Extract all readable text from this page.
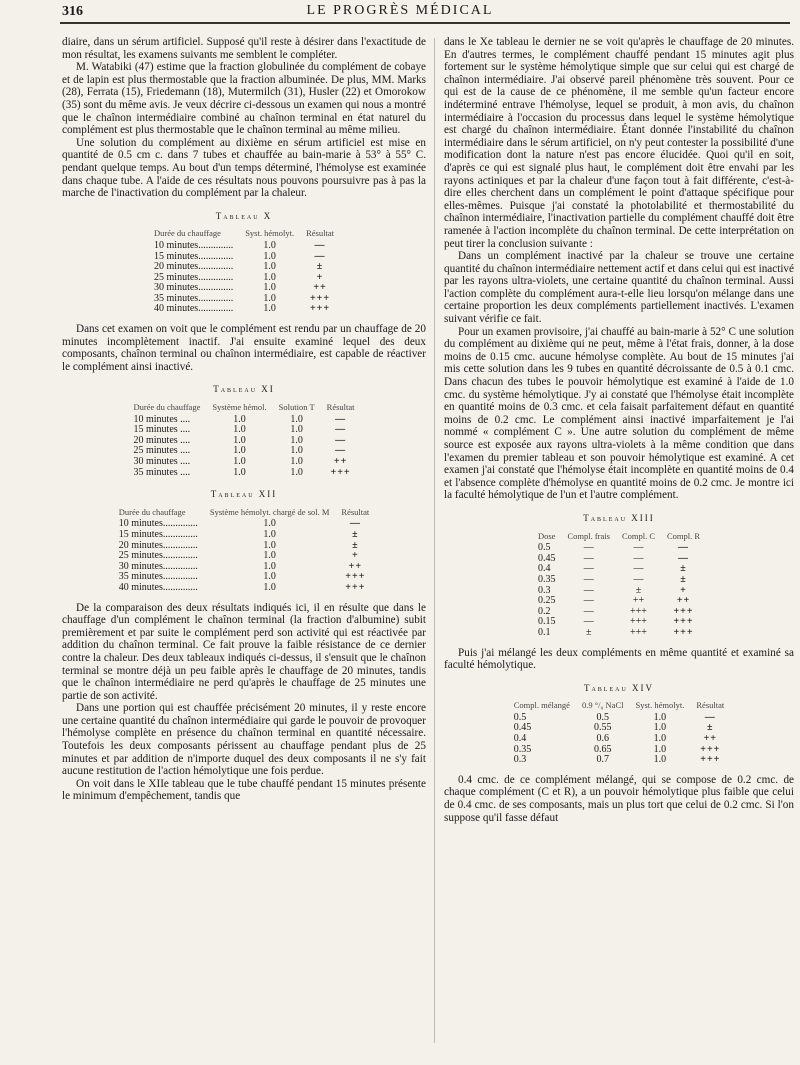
316	LE PROGRÈS MÉDICAL

diaire, dans un sérum artificiel. Supposé qu'il reste à désirer dans l'exactitude de mon résultat, les examens suivants me semblent le compléter.

M. Watabiki (47) estime que la fraction globulinée du complément de cobaye et de lapin est plus thermostable que la fraction albuminée. De plus, MM. Marks (28), Ferrata (15), Friedemann (18), Mutermilch (31), Husler (22) et Omorokow (35) sont du même avis. Je veux décrire ci-dessous un examen qui nous a montré que le chaînon intermédiaire combiné au chaînon terminal en état naturel du complément est plus thermostable que le chaînon terminal au même milieu.

Une solution du complément au dixième en sérum artificiel est mise en quantité de 0.5 cm c. dans 7 tubes et chauffée au bain-marie à 53° à 55° C. pendant quelque temps. Au bout d'un temps déterminé, l'hémolyse est examinée dans chaque tube. A l'aide de ces résultats nous pouvons poursuivre pas à pas la marche de l'inactivation du complément par la chaleur.

Tableau X
Durée du chauffage	Syst. hémolyt.	Résultat
10 minutes..............	1.0	—
15 minutes..............	1.0	—
20 minutes..............	1.0	±
25 minutes..............	1.0	+
30 minutes..............	1.0	++
35 minutes..............	1.0	+++
40 minutes..............	1.0	+++

Dans cet examen on voit que le complément est rendu par un chauffage de 20 minutes incomplètement inactif. J'ai ensuite examiné lequel des deux composants, chaînon terminal ou chaînon intermédiaire, est capable de réactiver le complément ainsi inactivé.

Tableau XI
Durée du chauffage	Système hémol.	Solution T	Résultat
10 minutes ....	1.0	1.0	—
15 minutes ....	1.0	1.0	—
20 minutes ....	1.0	1.0	—
25 minutes ....	1.0	1.0	—
30 minutes ....	1.0	1.0	++
35 minutes ....	1.0	1.0	+++
Tableau XII
Durée du chauffage	Système hémolyt. chargé de sol. M	Résultat
10 minutes..............	1.0	—
15 minutes..............	1.0	±
20 minutes..............	1.0	±
25 minutes..............	1.0	+
30 minutes..............	1.0	++
35 minutes..............	1.0	+++
40 minutes..............	1.0	+++

De la comparaison des deux résultats indiqués ici, il en résulte que dans le chauffage d'un complément le chaînon terminal (la fraction d'albumine) subit premièrement et par suite le complément perd son activité qui est réactivée par addition du chaînon terminal. Ce fait prouve la faible résistance de ce dernier contre la chaleur. Des deux tableaux indiqués ci-dessus, il s'ensuit que le chaînon terminal se montre déjà un peu faible après le chauffage de 20 minutes, tandis que le chaînon intermédiaire ne perd qu'après le chauffage de 25 minutes une partie de son activité.

Dans une portion qui est chauffée précisément 20 minutes, il y reste encore une certaine quantité du chaînon intermédiaire qui garde le pouvoir de provoquer l'hémolyse complète en présence du chaînon terminal en quantité nécessaire. Toutefois les deux composants périssent au chauffage pendant plus de 25 minutes et par addition de n'importe duquel des deux composants il ne s'y fait aucune restitution de l'action hémolytique une fois perdue.

On voit dans le XIIe tableau que le tube chauffé pendant 15 minutes présente le minimum d'empêchement, tandis que

dans le Xe tableau le dernier ne se voit qu'après le chauffage de 20 minutes. En d'autres termes, le complément chauffé pendant 15 minutes agit plus fortement sur le système hémolytique simple que sur celui qui est chargé de chaînon intermédiaire. J'ai observé pareil phénomène très souvent. Pour ce qui est de la cause de ce phénomène, il me semble qu'un facteur encore indéterminé entrave l'hémolyse, lequel se produit, à mon avis, du chaînon intermédiaire à l'occasion du processus dans lequel le système hémolytique est chargé du chaînon intermédiaire. Étant donnée l'instabilité du chaînon intermédiaire dans le sérum artificiel, on n'y peut contester la possibilité d'une modification dont la nature n'est pas encore élucidée. Quoi qu'il en soit, d'après ce qui est signalé plus haut, le complément doit être envahi par les rayons actiniques et par la chaleur d'une façon tout à fait différente, c'est-à-dire elles cherchent dans un complément le point d'attaque spécifique pour elles-mêmes. Puisque j'ai constaté la photolabilité et thermostabilité du chaînon intermédiaire, l'inactivation partielle du complément chauffé doit être ramenée à l'action incomplète du chaînon terminal. De cette interprétation on peut tirer la conclusion suivante :

Dans un complément inactivé par la chaleur se trouve une certaine quantité du chaînon intermédiaire nettement actif et dans celui qui est inactivé par les rayons ultra-violets, une certaine quantité du chaînon terminal. Aussi l'action complète du complément aura-t-elle lieu lorsqu'on mélange dans une certaine proportion les deux compléments partiellement inactivés. L'examen suivant vérifie ce fait.

Pour un examen provisoire, j'ai chauffé au bain-marie à 52° C une solution du complément au dixième qui ne peut, même à l'état frais, donner, à la dose moins de 0.15 cmc. aucune hémolyse complète. Au bout de 15 minutes j'ai mis cette solution dans les 9 tubes en quantité décroissante de 0.5 à 0.1 cmc. Dans chacun des tubes le pouvoir hémolytique est examiné à l'aide de 1.0 cmc. du système hémolytique. J'y ai constaté que l'hémolyse était incomplète en quantité moins de 0.3 cmc. et cela faisait parfaitement défaut en quantité moins de 0.2 cmc. Le complément ainsi inactivé imparfaitement je l'ai nommé « complément C ». Une autre solution du complément de même source est exposée aux rayons ultra-violets à la même condition que dans l'examen du premier tableau et son pouvoir hémolytique est examiné. A cet examen j'ai constaté que l'hémolyse était incomplète en quantité moins de 0.4 et l'absence complète d'hémolyse en quantité moins de 0.2 cmc. Je montre ici la faculté hémolytique de l'un et l'autre complément.

Tableau XIII
Dose	Compl. frais	Compl. C	Compl. R
0.5	—	—	—
0.45	—	—	—
0.4	—	—	±
0.35	—	—	±
0.3	—	±	+
0.25	—	++	++
0.2	—	+++	+++
0.15	—	+++	+++
0.1	±	+++	+++

Puis j'ai mélangé les deux compléments en même quantité et examiné sa faculté hémolytique.

Tableau XIV
Compl. mélangé	0.9 °/₀ NaCl	Syst. hémolyt.	Résultat
0.5	0.5	1.0	—
0.45	0.55	1.0	±
0.4	0.6	1.0	++
0.35	0.65	1.0	+++
0.3	0.7	1.0	+++

0.4 cmc. de ce complément mélangé, qui se compose de 0.2 cmc. de chaque complément (C et R), a un pouvoir hémolytique plus faible que celui de 0.4 cmc. de ses composants, mais un plus tort que celui de 0.2 cmc. Si l'on suppose qu'il fasse défaut
